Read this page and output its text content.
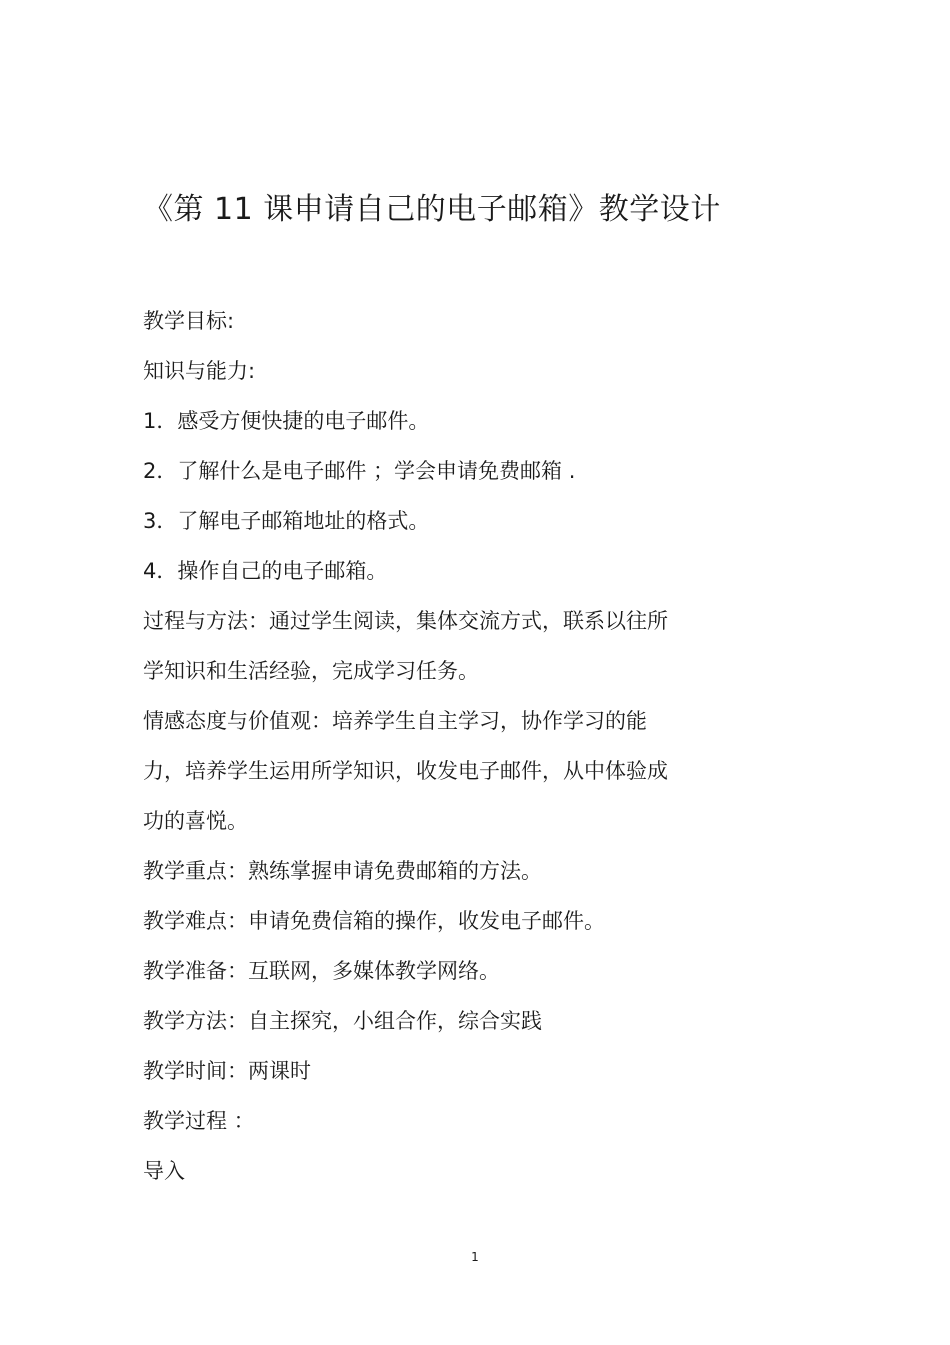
《第 11 课申请自己的电子邮箱》教学设计
教学目标:
知识与能力:
1．感受方便快捷的电子邮件。
2．了解什么是电子邮件 ；学会申请免费邮箱 .
3．了解电子邮箱地址的格式。
4．操作自己的电子邮箱。
过程与方法：通过学生阅读，集体交流方式，联系以往所
学知识和生活经验，完成学习任务。
情感态度与价值观：培养学生自主学习，协作学习的能
力，培养学生运用所学知识，收发电子邮件，从中体验成
功的喜悦。
教学重点：熟练掌握申请免费邮箱的方法。
教学难点：申请免费信箱的操作，收发电子邮件。
教学准备：互联网，多媒体教学网络。
教学方法：自主探究，小组合作，综合实践
教学时间：两课时
教学过程 ：
导入
1
